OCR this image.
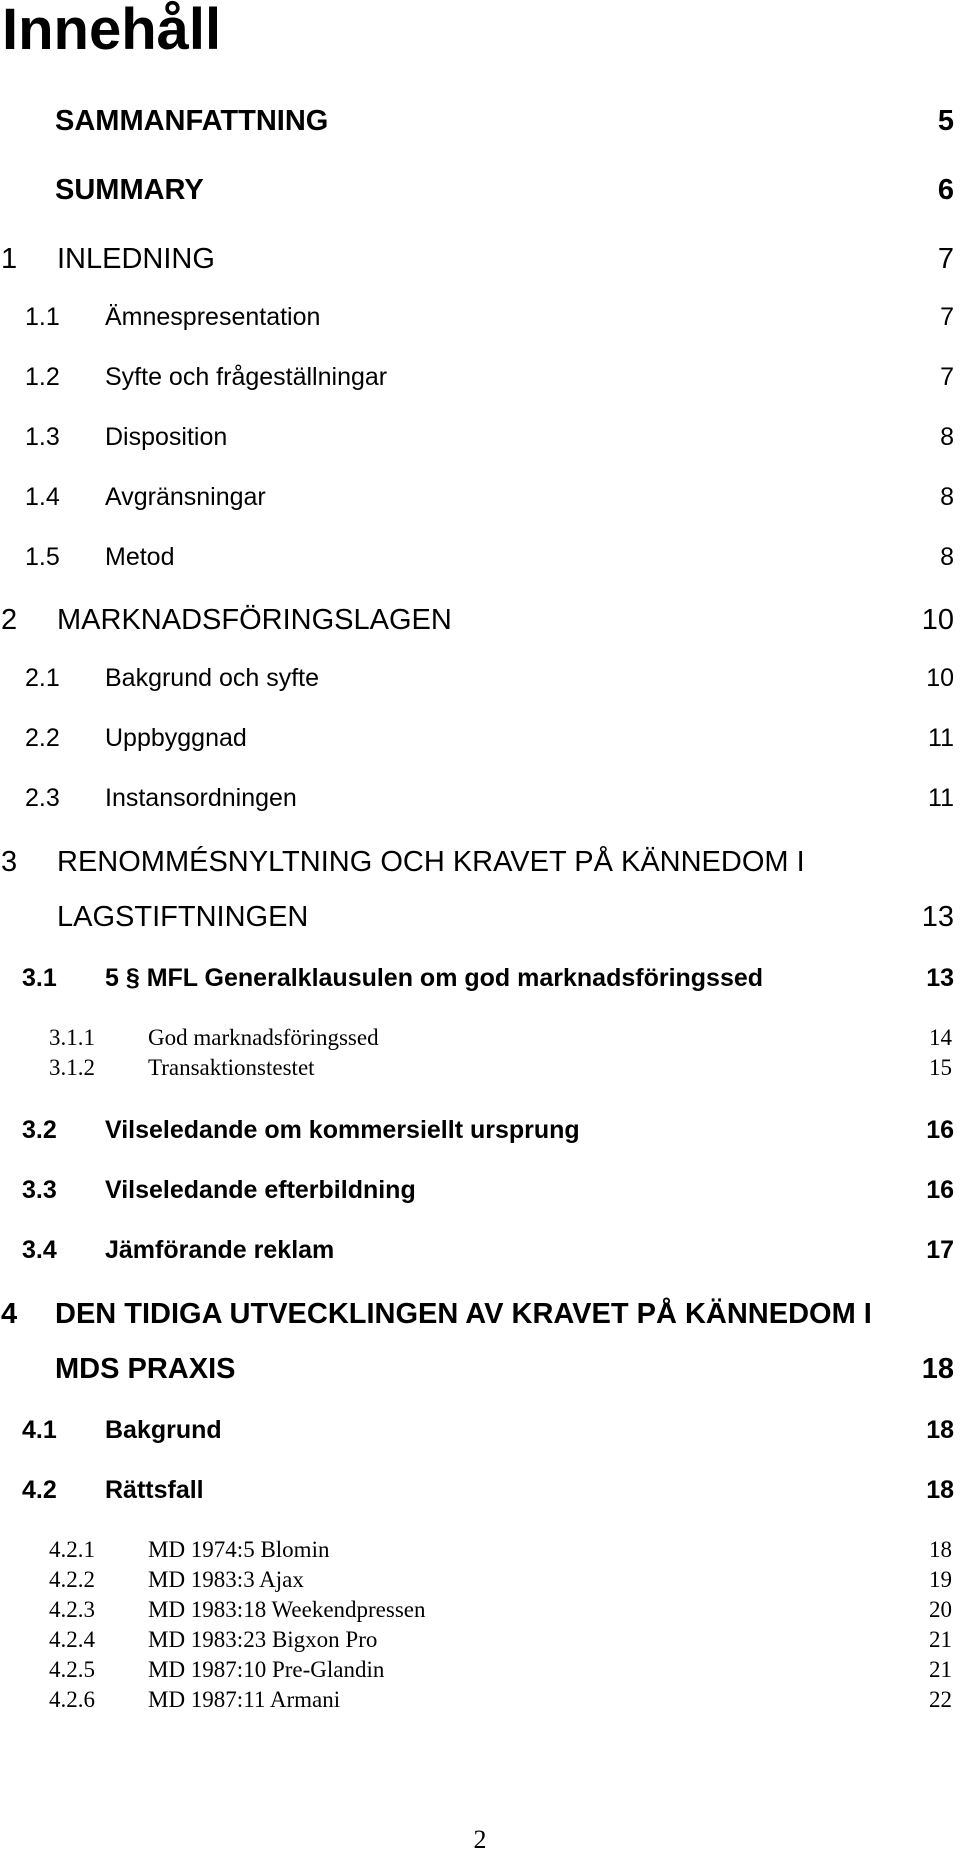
Innehåll
SAMMANFATTNING	5
SUMMARY	6
1 INLEDNING	7
1.1 Ämnespresentation	7
1.2 Syfte och frågeställningar	7
1.3 Disposition	8
1.4 Avgränsningar	8
1.5 Metod	8
2 MARKNADSFÖRINGSLAGEN	10
2.1 Bakgrund och syfte	10
2.2 Uppbyggnad	11
2.3 Instansordningen	11
3 RENOMMÉSNYLTNING OCH KRAVET PÅ KÄNNEDOM I
LAGSTIFTNINGEN	13
3.1 5 § MFL Generalklausulen om god marknadsföringssed	13
3.1.1 God marknadsföringssed	14
3.1.2 Transaktionstestet	15
3.2 Vilseledande om kommersiellt ursprung	16
3.3 Vilseledande efterbildning	16
3.4 Jämförande reklam	17
4 DEN TIDIGA UTVECKLINGEN AV KRAVET PÅ KÄNNEDOM I
MDS PRAXIS	18
4.1 Bakgrund	18
4.2 Rättsfall	18
4.2.1 MD 1974:5 Blomin	18
4.2.2 MD 1983:3 Ajax	19
4.2.3 MD 1983:18 Weekendpressen	20
4.2.4 MD 1983:23 Bigxon Pro	21
4.2.5 MD 1987:10 Pre-Glandin	21
4.2.6 MD 1987:11 Armani	22
2
